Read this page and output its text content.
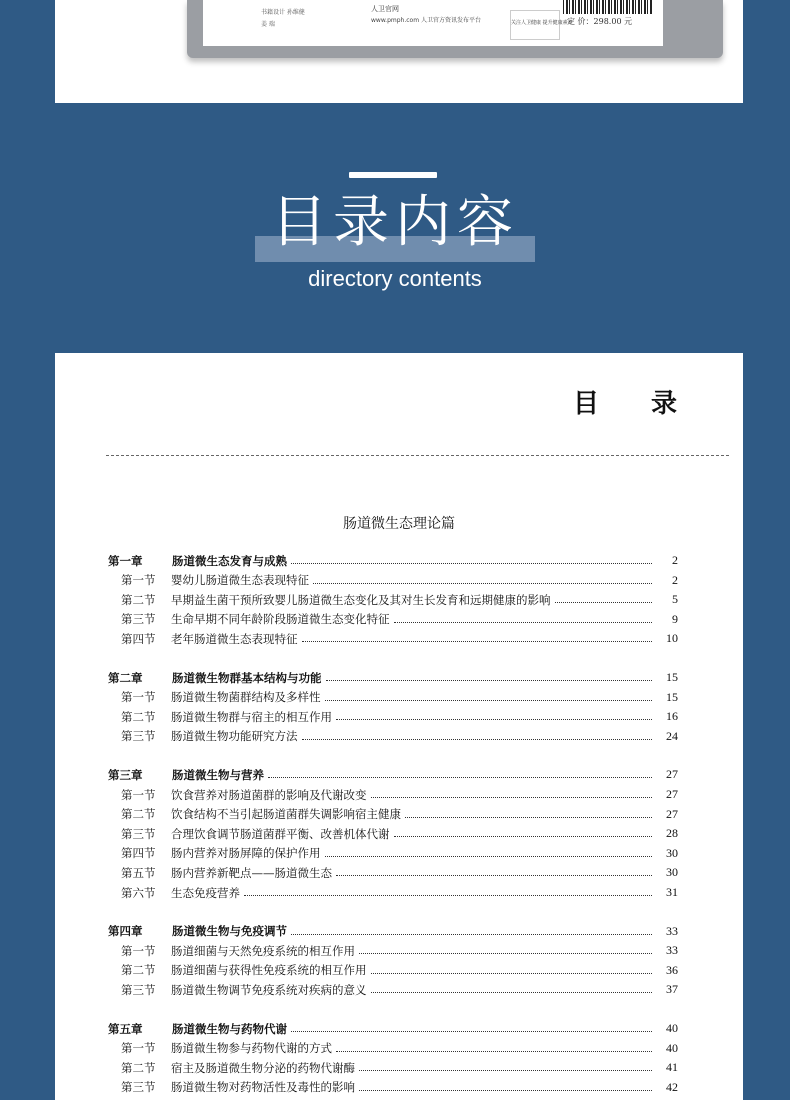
书籍设计 孙维健
姜 瑞
人卫官网
www.pmph.com 人卫官方资讯发布平台	关注人卫健康 提升健康素养
定 价：298.00 元
目录内容
directory contents
目录
肠道微生态理论篇
第一章	肠道微生态发育与成熟	2
第一节 婴幼儿肠道微生态表现特征	2
第二节 早期益生菌干预所致婴儿肠道微生态变化及其对生长发育和远期健康的影响	5
第三节 生命早期不同年龄阶段肠道微生态变化特征	9
第四节 老年肠道微生态表现特征	10
第二章	肠道微生物群基本结构与功能	15
第一节 肠道微生物菌群结构及多样性	15
第二节 肠道微生物群与宿主的相互作用	16
第三节 肠道微生物功能研究方法	24
第三章	肠道微生物与营养	27
第一节 饮食营养对肠道菌群的影响及代谢改变	27
第二节 饮食结构不当引起肠道菌群失调影响宿主健康	27
第三节 合理饮食调节肠道菌群平衡、改善机体代谢	28
第四节 肠内营养对肠屏障的保护作用	30
第五节 肠内营养新靶点——肠道微生态	30
第六节 生态免疫营养	31
第四章	肠道微生物与免疫调节	33
第一节 肠道细菌与天然免疫系统的相互作用	33
第二节 肠道细菌与获得性免疫系统的相互作用	36
第三节 肠道微生物调节免疫系统对疾病的意义	37
第五章	肠道微生物与药物代谢	40
第一节 肠道微生物参与药物代谢的方式	40
第二节 宿主及肠道微生物分泌的药物代谢酶	41
第三节 肠道微生物对药物活性及毒性的影响	42
